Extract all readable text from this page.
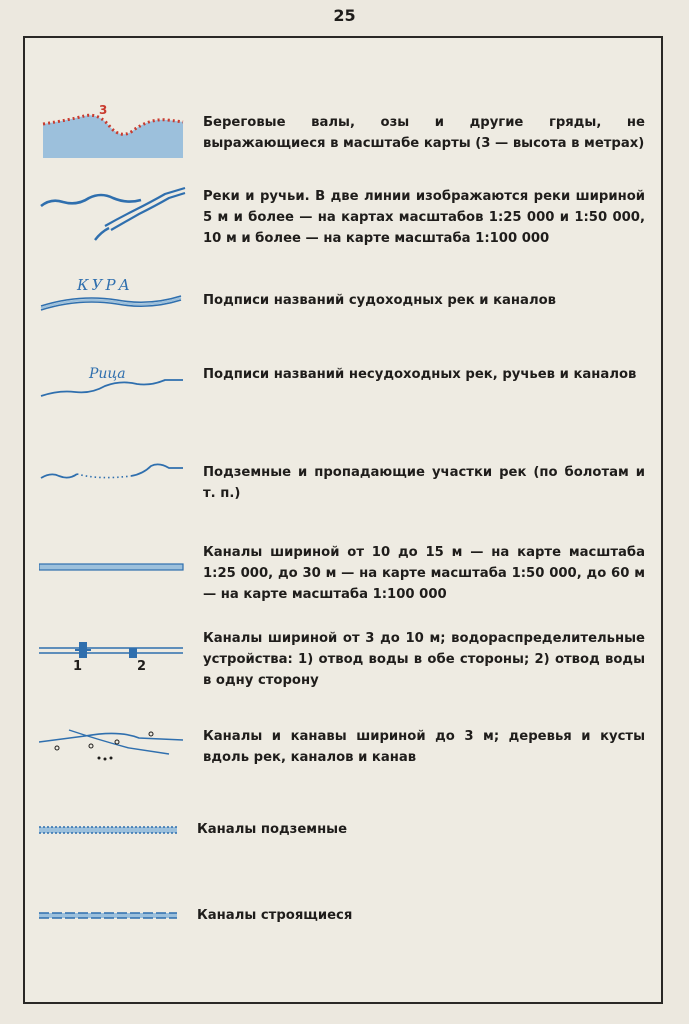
25
3
Береговые валы, озы и другие гряды, не выражающиеся в масштабе карты (3 — высота в метрах)
Реки и ручьи. В две линии изображаются реки шириной 5 м и более — на картах масштабов 1:25 000 и 1:50 000, 10 м и более — на карте масштаба 1:100 000
КУРА
Подписи названий судоходных рек и каналов
Рица	Подписи названий несудоходных рек, ручьев и каналов
Подземные и пропадающие участки рек (по болотам и т. п.)
Каналы шириной от 10 до 15 м — на карте масштаба 1:25 000, до 30 м — на карте масштаба 1:50 000, до 60 м — на карте масштаба 1:100 000
1	2
Каналы шириной от 3 до 10 м; водораспределительные устройства: 1) отвод воды в обе стороны; 2) отвод воды в одну сторону
Каналы и канавы шириной до 3 м; деревья и кусты вдоль рек, каналов и канав
Каналы подземные
Каналы строящиеся
